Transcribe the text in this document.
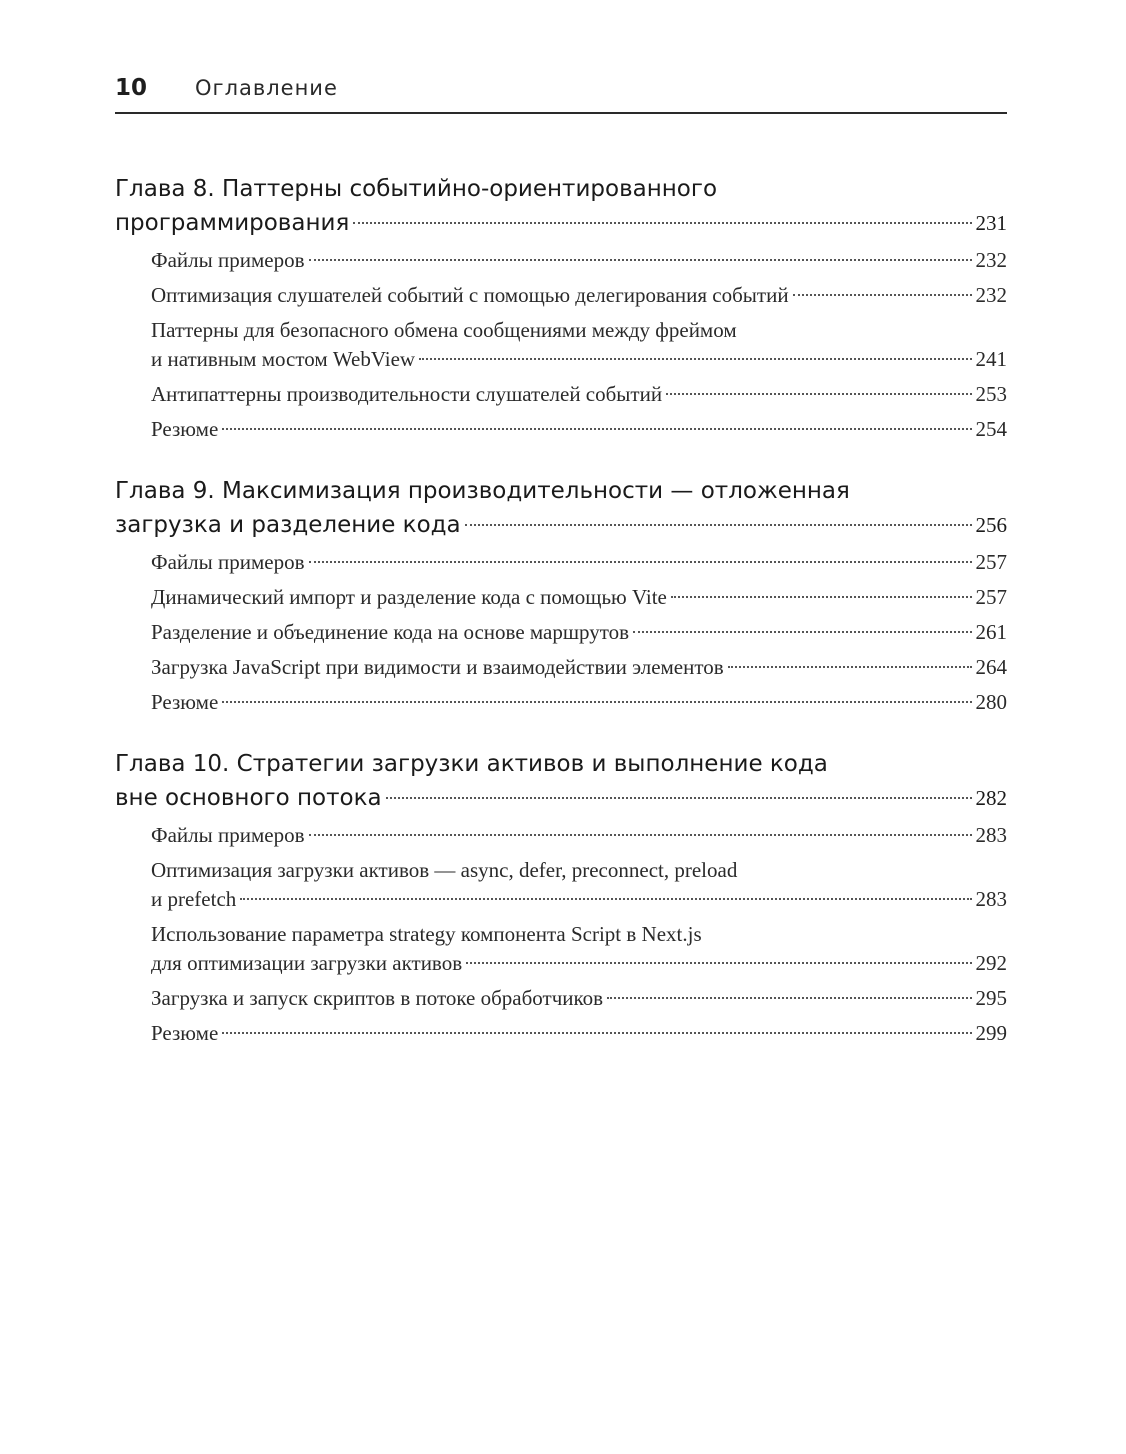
10 Оглавление
Глава 8. Паттерны событийно-ориентированного
программирования	231
Файлы примеров	232
Оптимизация слушателей событий с помощью делегирования событий	232
Паттерны для безопасного обмена сообщениями между фреймом
и нативным мостом WebView	241
Антипаттерны производительности слушателей событий	253
Резюме	254
Глава 9. Максимизация производительности — отложенная
загрузка и разделение кода	256
Файлы примеров	257
Динамический импорт и разделение кода с помощью Vite	257
Разделение и объединение кода на основе маршрутов	261
Загрузка JavaScript при видимости и взаимодействии элементов	264
Резюме	280
Глава 10. Стратегии загрузки активов и выполнение кода
вне основного потока	282
Файлы примеров	283
Оптимизация загрузки активов — async, defer, preconnect, preload
и prefetch	283
Использование параметра strategy компонента Script в Next.js
для оптимизации загрузки активов	292
Загрузка и запуск скриптов в потоке обработчиков	295
Резюме	299
